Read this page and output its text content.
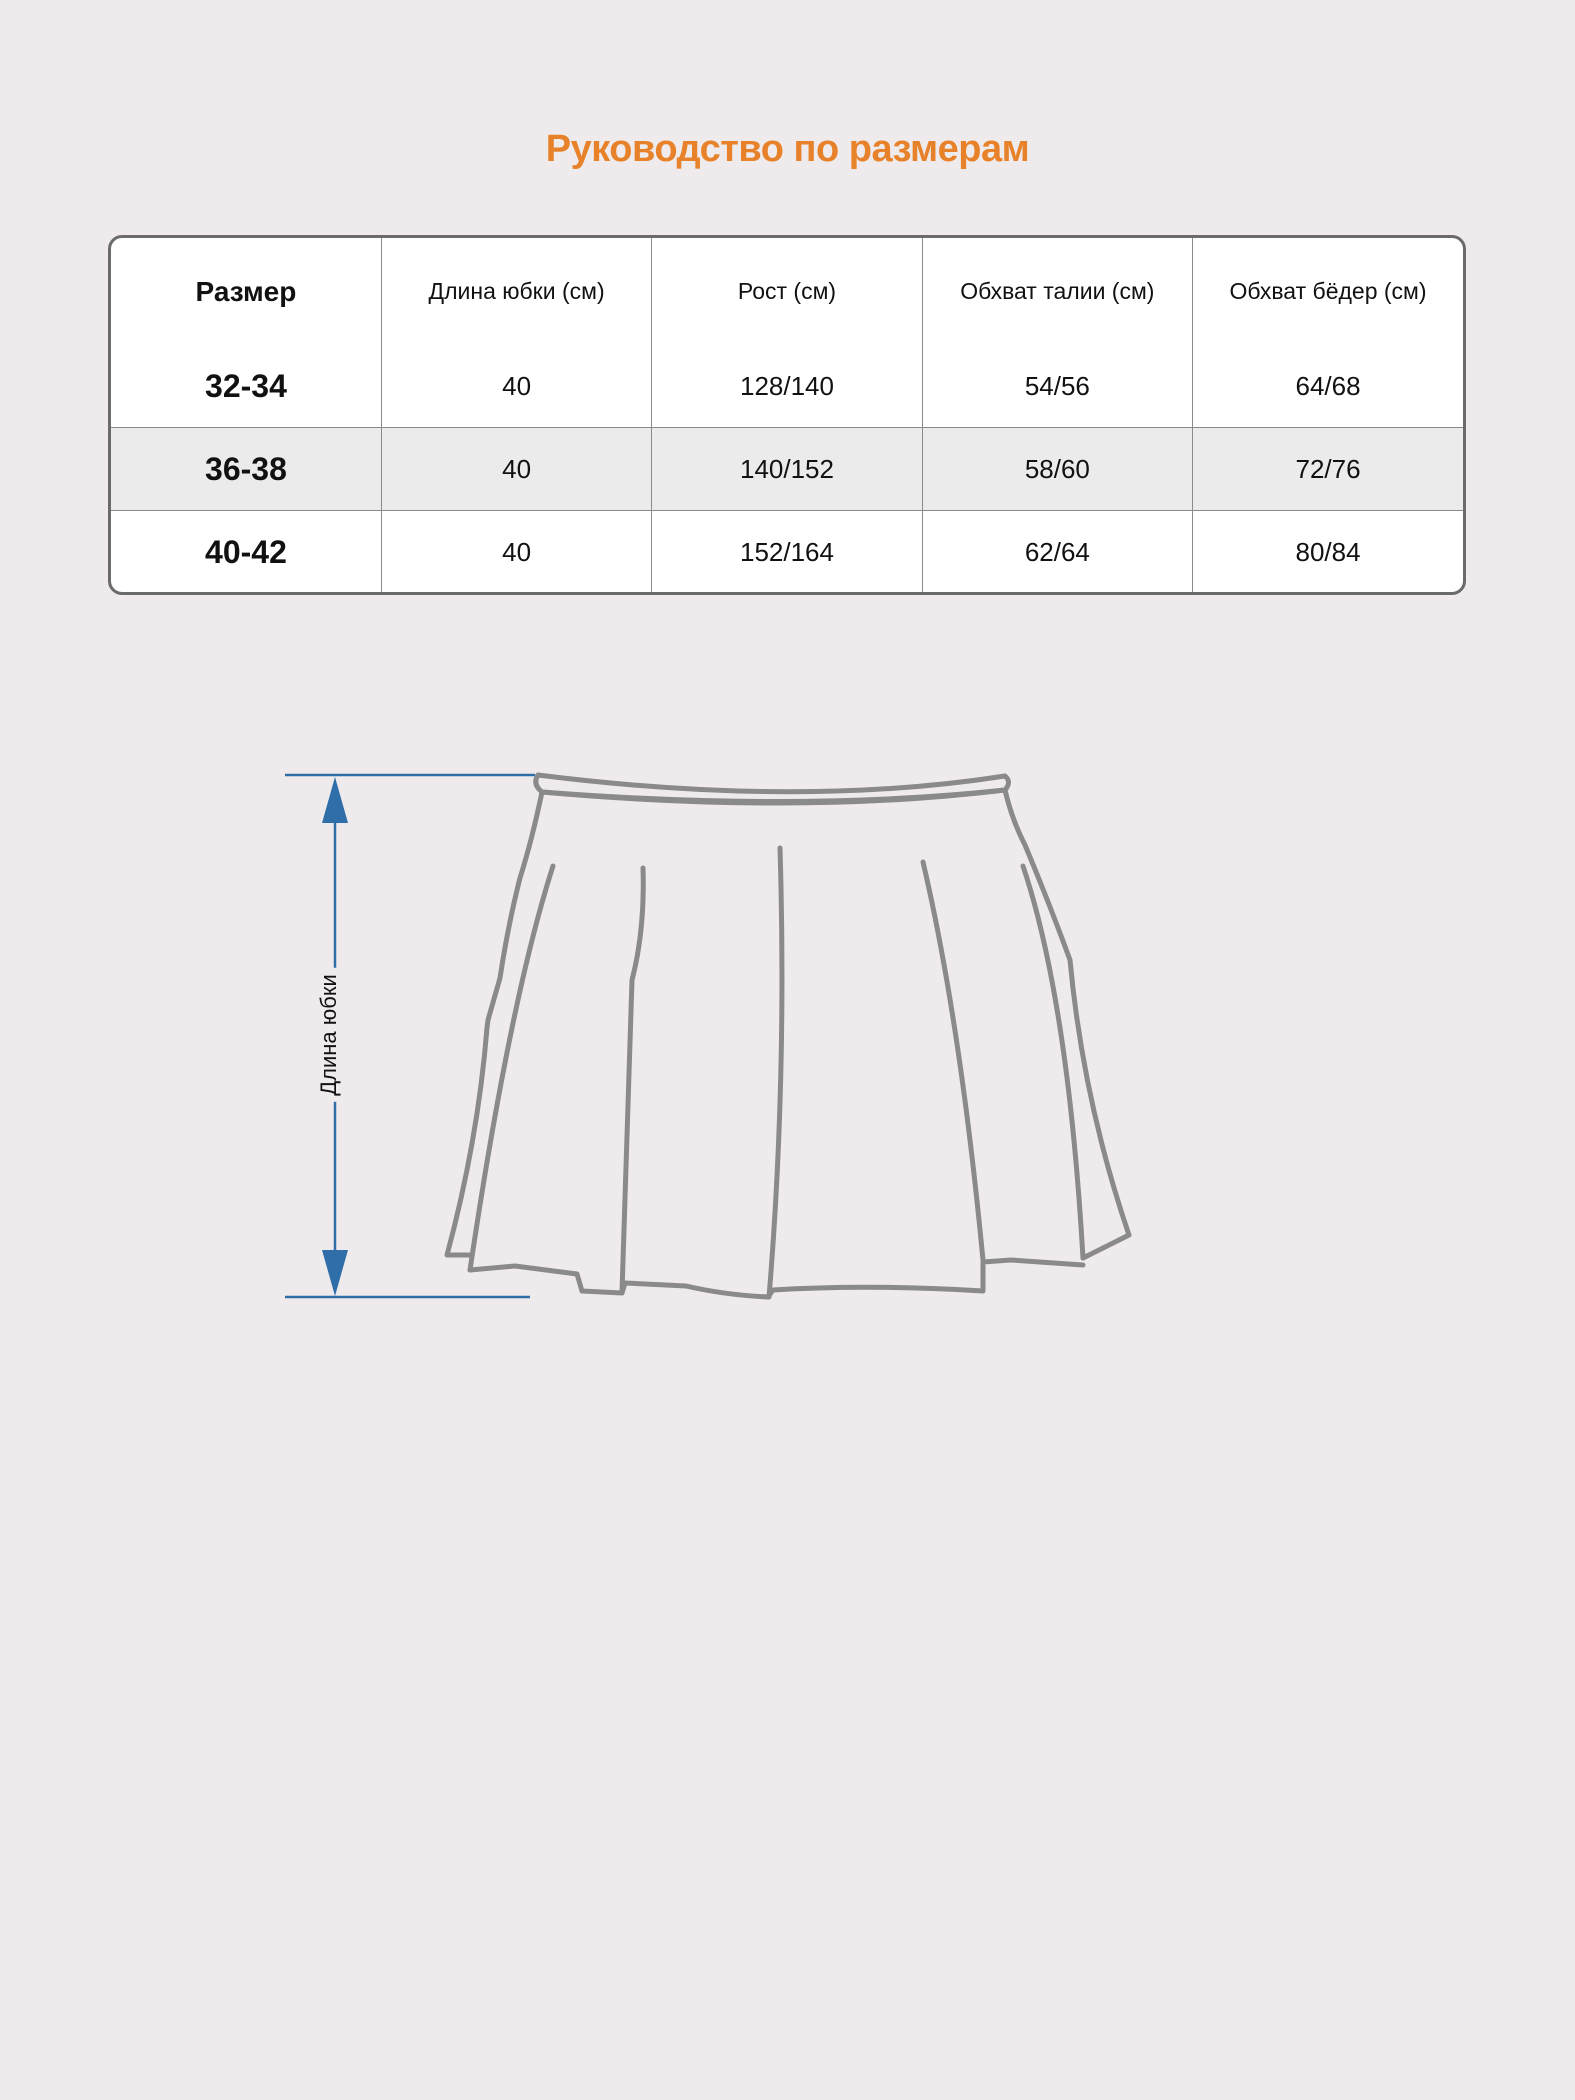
Руководство по размерам
Размер	Длина юбки (см)	Рост (см)	Обхват талии (см)	Обхват бёдер (см)
32-34	40	128/140	54/56	64/68
36-38	40	140/152	58/60	72/76
40-42	40	152/164	62/64	80/84
Длина юбки
